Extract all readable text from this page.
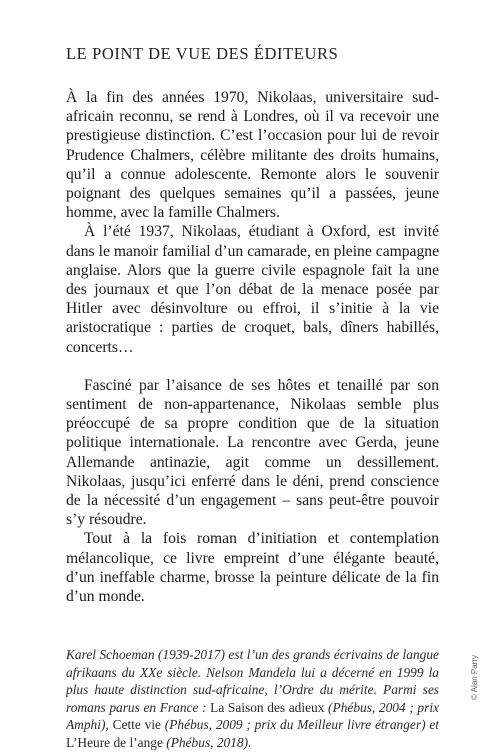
LE POINT DE VUE DES ÉDITEURS

À la fin des années 1970, Nikolaas, universitaire sud-africain reconnu, se rend à Londres, où il va recevoir une prestigieuse distinction. C’est l’occasion pour lui de revoir Prudence Chalmers, célèbre militante des droits humains, qu’il a connue adolescente. Remonte alors le souvenir poignant des quelques semaines qu’il a passées, jeune homme, avec la famille Chalmers.

À l’été 1937, Nikolaas, étudiant à Oxford, est invité dans le manoir familial d’un camarade, en pleine campagne anglaise. Alors que la guerre civile espagnole fait la une des journaux et que l’on débat de la menace posée par Hitler avec désinvolture ou effroi, il s’initie à la vie aristocratique : parties de croquet, bals, dîners habillés, concerts…

Fasciné par l’aisance de ses hôtes et tenaillé par son sentiment de non-appartenance, Nikolaas semble plus préoccupé de sa propre condition que de la situation politique internationale. La rencontre avec Gerda, jeune Allemande antinazie, agit comme un dessillement. Nikolaas, jusqu’ici enferré dans le déni, prend conscience de la nécessité d’un engagement – sans peut-être pouvoir s’y résoudre.

Tout à la fois roman d’initiation et contemplation mélancolique, ce livre empreint d’une élégante beauté, d’un ineffable charme, brosse la peinture délicate de la fin d’un monde.

Karel Schoeman (1939-2017) est l’un des grands écrivains de langue afrikaans du XXe siècle. Nelson Mandela lui a décerné en 1999 la plus haute distinction sud-africaine, l’Ordre du mérite. Parmi ses romans parus en France : La Saison des adieux (Phébus, 2004 ; prix Amphi), Cette vie (Phébus, 2009 ; prix du Meilleur livre étranger) et L’Heure de l’ange (Phébus, 2018).
© Alan Parry
